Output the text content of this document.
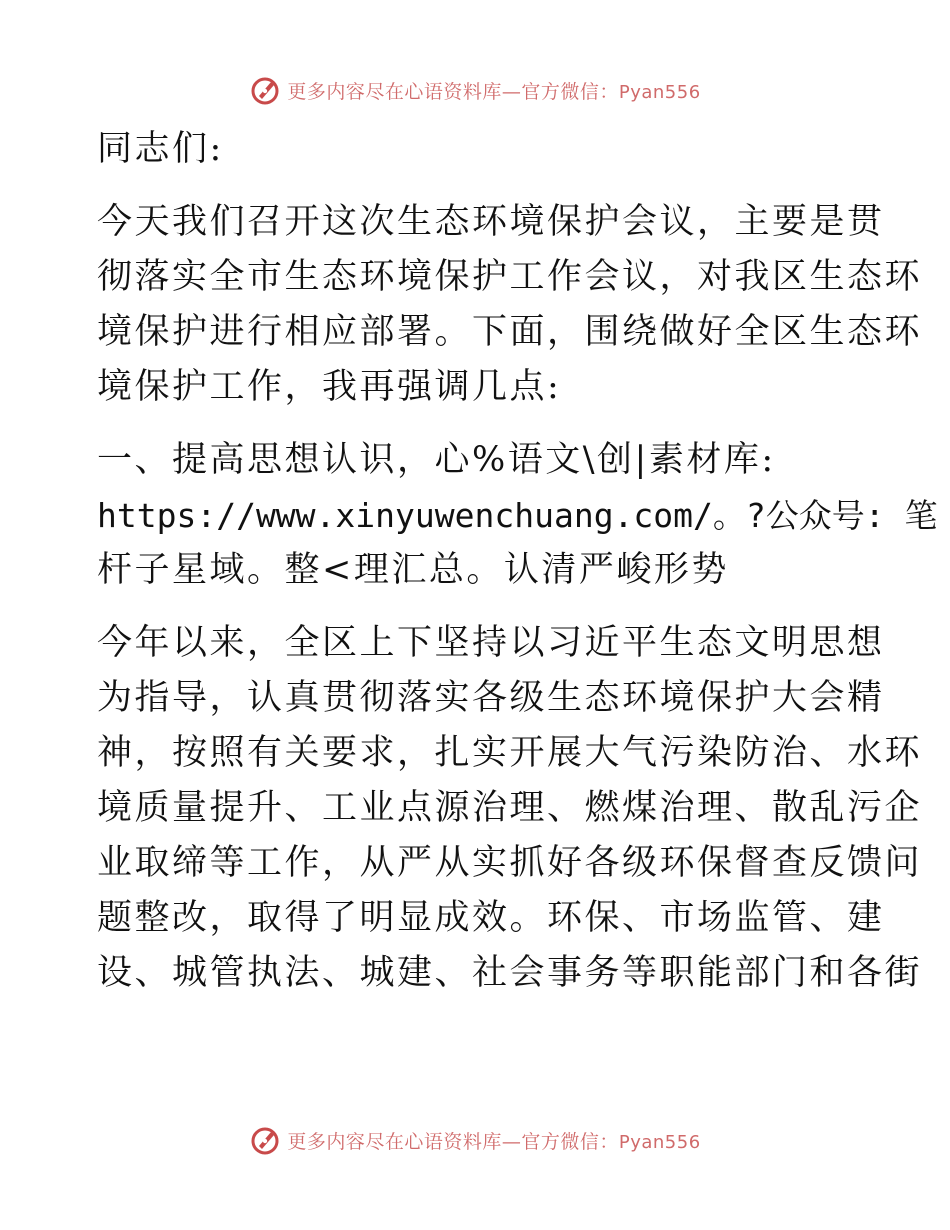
更多内容尽在心语资料库—官方微信：Pyan556
同志们:
今天我们召开这次生态环境保护会议，主要是贯
彻落实全市生态环境保护工作会议，对我区生态环
境保护进行相应部署。下面，围绕做好全区生态环
境保护工作，我再强调几点:
一、提高思想认识，心%语文\创|素材库:
https://www.xinyuwenchuang.com/。?公众号: 笔
杆子星域。整<理汇总。认清严峻形势
今年以来，全区上下坚持以习近平生态文明思想
为指导，认真贯彻落实各级生态环境保护大会精
神，按照有关要求，扎实开展大气污染防治、水环
境质量提升、工业点源治理、燃煤治理、散乱污企
业取缔等工作，从严从实抓好各级环保督查反馈问
题整改，取得了明显成效。环保、市场监管、建
设、城管执法、城建、社会事务等职能部门和各街
更多内容尽在心语资料库—官方微信：Pyan556
